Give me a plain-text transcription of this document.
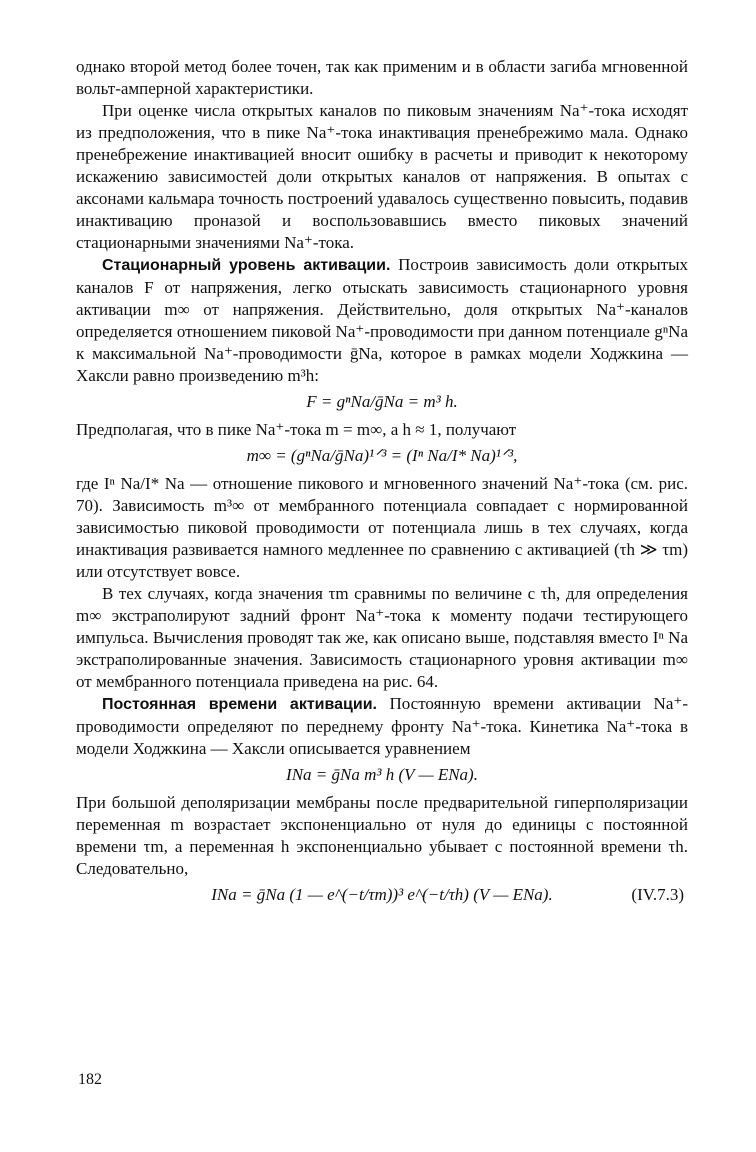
однако второй метод более точен, так как применим и в области загиба мгновенной вольт-амперной характеристики.

При оценке числа открытых каналов по пиковым значениям Na⁺-тока исходят из предположения, что в пике Na⁺-тока инактивация пренебрежимо мала. Однако пренебрежение инактивацией вносит ошибку в расчеты и приводит к некоторому искажению зависимостей доли открытых каналов от напряжения. В опытах с аксонами кальмара точность построений удавалось существенно повысить, подавив инактивацию проназой и воспользовавшись вместо пиковых значений стационарными значениями Na⁺-тока.

Стационарный уровень активации. Построив зависимость доли открытых каналов F от напряжения, легко отыскать зависимость стационарного уровня активации m∞ от напряжения. Действительно, доля открытых Na⁺-каналов определяется отношением пиковой Na⁺-проводимости при данном потенциале gⁿNa к максимальной Na⁺-проводимости ḡNa, которое в рамках модели Ходжкина — Хаксли равно произведению m³h:

F = gⁿNa/ḡNa = m³ h.

Предполагая, что в пике Na⁺-тока m = m∞, a h ≈ 1, получают

m∞ = (gⁿNa/ḡNa)¹ᐟ³ = (Iⁿ Na/I* Na)¹ᐟ³,

где Iⁿ Na/I* Na — отношение пикового и мгновенного значений Na⁺-тока (см. рис. 70). Зависимость m³∞ от мембранного потенциала совпадает с нормированной зависимостью пиковой проводимости от потенциала лишь в тех случаях, когда инактивация развивается намного медленнее по сравнению с активацией (τh ≫ τm) или отсутствует вовсе.

В тех случаях, когда значения τm сравнимы по величине с τh, для определения m∞ экстраполируют задний фронт Na⁺-тока к моменту подачи тестирующего импульса. Вычисления проводят так же, как описано выше, подставляя вместо Iⁿ Na экстраполированные значения. Зависимость стационарного уровня активации m∞ от мембранного потенциала приведена на рис. 64.

Постоянная времени активации. Постоянную времени активации Na⁺-проводимости определяют по переднему фронту Na⁺-тока. Кинетика Na⁺-тока в модели Ходжкина — Хаксли описывается уравнением

INa = ḡNa m³ h (V — ENa).

При большой деполяризации мембраны после предварительной гиперполяризации переменная m возрастает экспоненциально от нуля до единицы с постоянной времени τm, а переменная h экспоненциально убывает с постоянной времени τh. Следовательно,

INa = ḡNa (1 — e^(−t/τm))³ e^(−t/τh) (V — ENa).	(IV.7.3)
182
